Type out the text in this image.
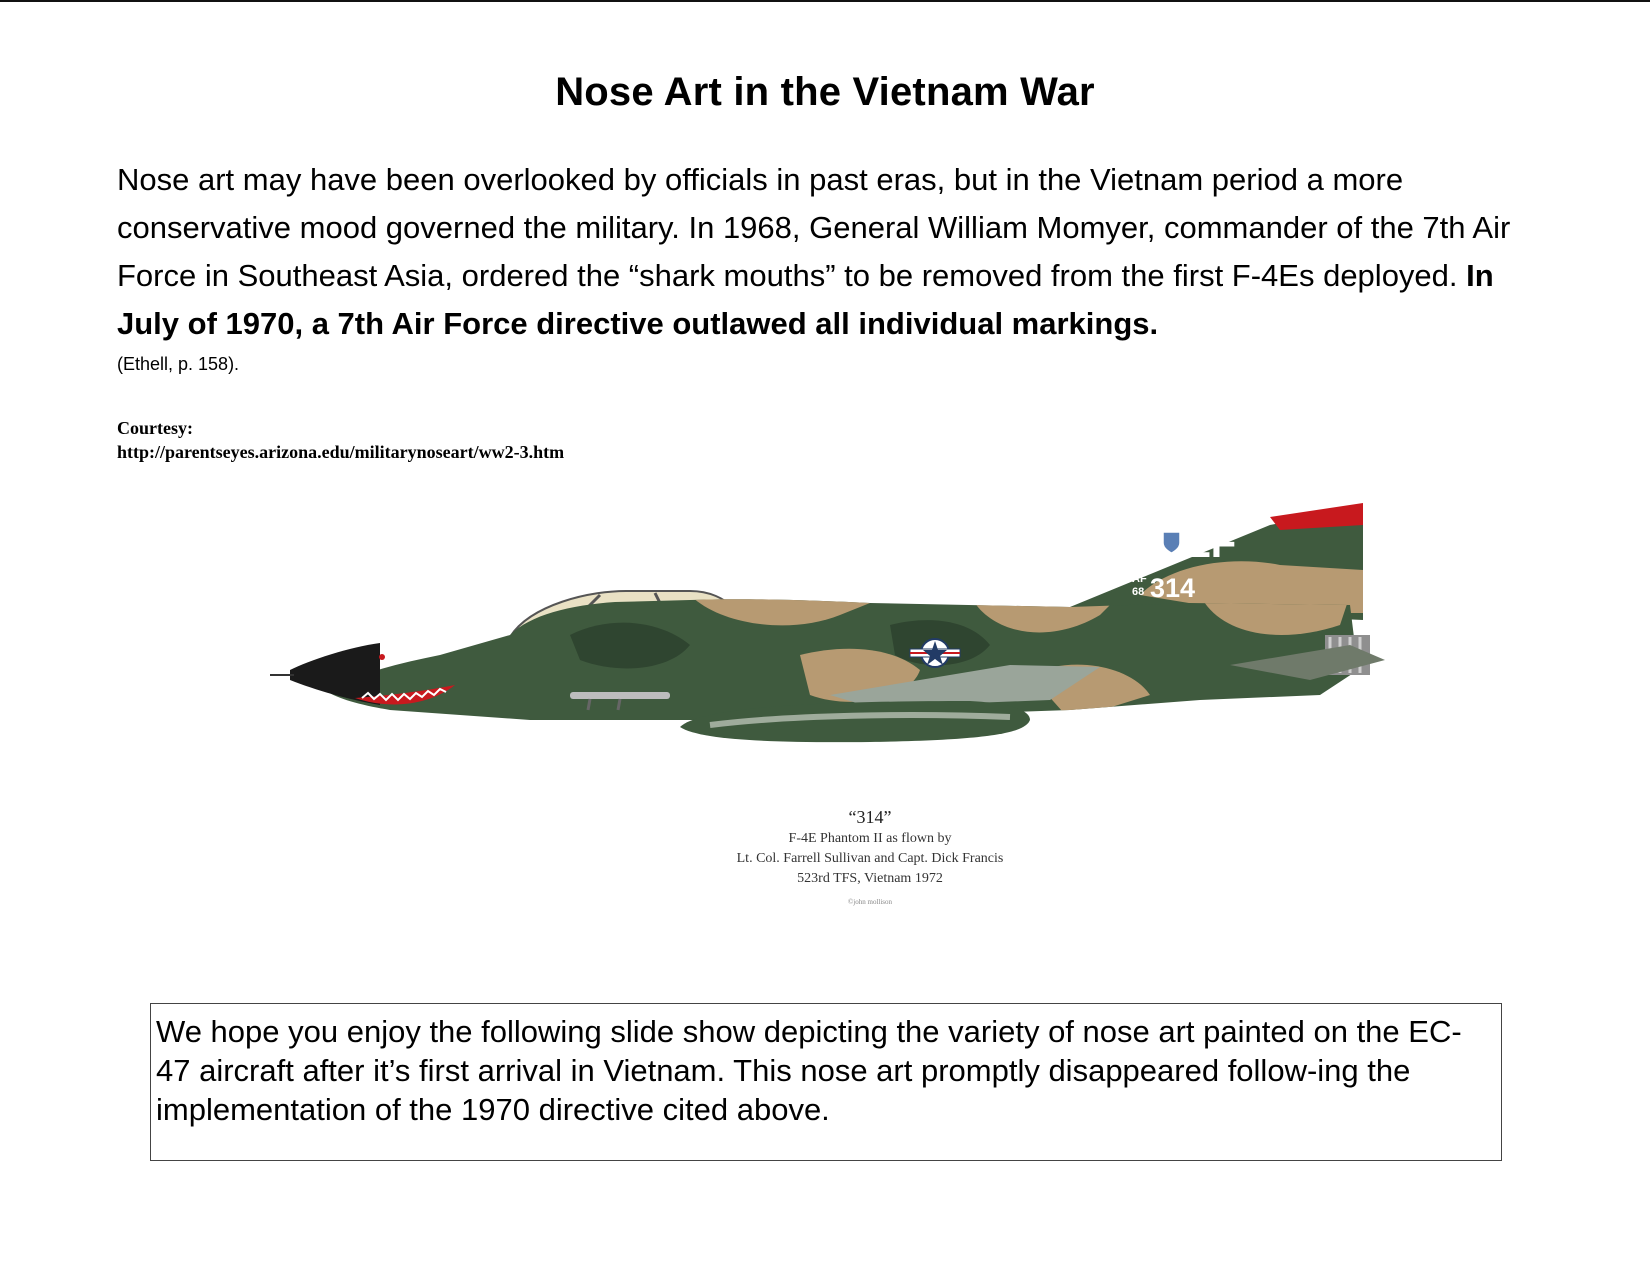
Nose Art in the Vietnam War

Nose art may have been overlooked by officials in past eras, but in the Vietnam period a more conservative mood governed the military. In 1968, General William Momyer, commander of the 7th Air Force in Southeast Asia, ordered the “shark mouths” to be removed from the first F-4Es deployed. In July of 1970, a 7th Air Force directive outlawed all individual markings.

(Ethell, p. 158).

Courtesy:
http://parentseyes.arizona.edu/militarynoseart/ww2-3.htm
ZF
AF
68 314
“314”
F-4E Phantom II as flown by
Lt. Col. Farrell Sullivan and Capt. Dick Francis
523rd TFS, Vietnam 1972
©john mollison
We hope you enjoy the following slide show depicting the variety of nose art painted on the EC-47 aircraft after it’s first arrival in Vietnam. This nose art promptly disappeared follow-ing the implementation of the 1970 directive cited above.
